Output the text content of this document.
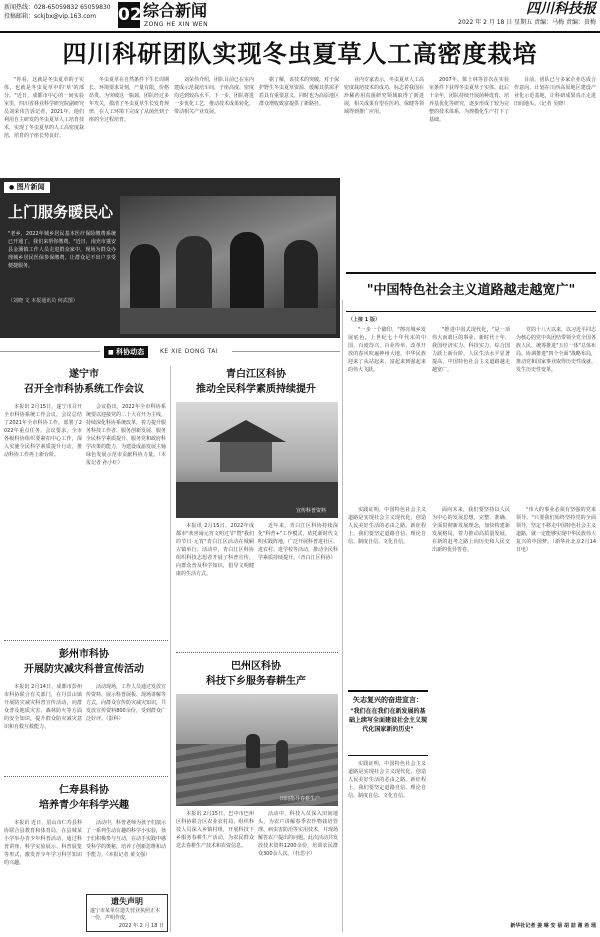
新闻热线：028-65059832 65059830
投稿邮箱：sckjbx@vip.163.com 02 综合新闻
ZONG HE XIN WEN
四川科技报
2022 年 2 月 18 日 星期五 责编：马梅 责编：贵梅
四川科研团队实现冬虫夏草人工高密度栽培

"你看，这就是冬虫夏草的子实体，也就是冬虫夏草中的'草'的部分。"近日，成都市中心的一间实验室里，四川省林业科学研究院副研究员刘荣伟告诉记者，2021年，他们利用自主研发的冬虫夏草人工培育技术，实现了冬虫夏草的人工高密度栽培，培育的子座长势良好。

冬虫夏草在自然条件下生长周期长、环境要求苛刻，产量有限，价格昂贵。为突破这一瓶颈，团队经过多年攻关，摸清了冬虫夏草生长发育规律，在人工环境下完成了从菌丝到子座的全过程培育。

刘荣伟介绍，团队目前已在室内建成示范栽培车间，子座高度、密度均达到较高水平。下一步，团队将进一步优化工艺，推动技术成果转化，带动相关产业发展。

据了解，该技术的突破，对于保护野生冬虫夏草资源、缓解其供需矛盾具有重要意义，同时也为高原地区群众增收致富提供了新路径。

业内专家表示，冬虫夏草人工高密度栽培技术的成功，标志着我国在珍稀药用真菌研究领域取得了新进展，相关成果有望在医药、保健等领域得到推广应用。

2007年，陈士林等首次在实验室条件下获得冬虫夏草子实体。此后十余年，团队持续开展菌种选育、培养基优化等研究，逐步形成了较为完整的技术体系，为规模化生产打下了基础。

目前，团队已与多家企业达成合作意向，计划在川西高原地区建设产业化示范基地，让科研成果真正走进田间地头。（记者 吴晓）

● 图片新闻
上门服务暖民心
"老乡，2022年城乡居民基本医疗保险缴费系统已开通了，我们来帮你缴费。"近日，南充市蓬安县金溪镇工作人员走进群众家中，现场为群众办理城乡居民医保参保缴费，让群众足不出户享受便捷服务。
（刘晓 文 本报通讯员 何武图）
■ 科协动态	KE XIE DONG TAI
遂宁市
召开全市科协系统工作会议

本报讯 2月15日，遂宁市召开全市科协系统工作会议。会议总结了2021年全市科协工作，部署了2022年重点任务。会议要求，全市各级科协组织要紧扣中心工作，深入实施全民科学素质提升行动，推动科协工作再上新台阶。

会议指出，2022年全市科协系统要以迎接党的二十大召开为主线，持续深化科协系统改革，着力提升服务科技工作者、服务创新发展、服务全民科学素质提升、服务党和政府科学决策的能力，为建设成渝发展主轴绿色发展示范市贡献科协力量。（本报记者 孙小红）

彭州市科协
开展防灾减灾科普宣传活动

本报讯 2月14日，成都市彭州市科协联合有关部门，在丹景山镇开展防灾减灾科普宣传活动，向群众普及地质灾害、森林防火等方面的安全知识，提升群众防灾减灾意识和自救互救能力。

活动现场，工作人员通过发放宣传资料、展示科普展板、现场讲解等方式，向群众宣传防灾减灾知识，共发放宣传资料800余份，受到群众广泛好评。（彭科）

仁寿县科协
培养青少年科学兴趣

本报讯 近日，眉山市仁寿县科协联合县教育和体育局，在县城某小学举办青少年科普活动，通过科普讲座、科学实验展示、科普展览等形式，激发青少年学习科学知识的兴趣。

活动中，科普老师为孩子们演示了一系列生动有趣的科学小实验，孩子们积极参与互动，在动手实践中感受科学的奥秘，培养了创新思维和动手能力。（本报记者 黄文强）

遗失声明
遂宁市某单位遗失营业执照正本一份，声明作废。
2022 年 2 月 18 日
青白江区科协
推动全民科学素质持续提升
宣传科普资料

本报讯 2月15日，2022年成都市"欢喜闹元宵文明过节"暨"我们的节日·元宵"青白江区活动在城厢古镇举行。活动中，青白江区科协组织科技志愿者开展了科普宣传，向群众普及科学知识，倡导文明健康的生活方式。

近年来，青白江区科协持续深化"科普+"工作模式，依托新时代文明实践阵地，广泛开展科普进社区、进农村、进学校等活动，推动全民科学素质持续提升。（青白江区科协）

巴州区科协
科技下乡服务春耕生产
田间指导春耕生产

本报讯 2月15日，巴中市巴州区科协联合区农业农村局，组织科技人员深入乡镇村组，开展科技下乡服务春耕生产活动，为农民群众送去春耕生产技术和农资信息。

活动中，科技人员深入田间地头，为农户讲解春季农作物栽培管理、病虫害防治等实用技术，并现场解答农户提出的问题。此次活动共发放技术资料1200余份，培训农民群众300余人次。（杜思宇）

"中国特色社会主义道路越走越宽广"
（上接 1 版）

"一步一个脚印，"擦亮城乡发展底色。上世纪七十年代末的中国，百废待兴，百业待举，改革开放的春风吹遍神州大地，中华民族迎来了从站起来、富起来到强起来的伟大飞跃。

"推进中国式现代化，"是一项伟大而艰巨的事业。新时代十年，我国经济实力、科技实力、综合国力跃上新台阶，人民生活水平显著提高，中国特色社会主义道路越走越宽广。

党的十八大以来，以习近平同志为核心的党中央团结带领全党全国各族人民，统筹推进"五位一体"总体布局、协调推进"四个全面"战略布局，推动党和国家事业取得历史性成就、发生历史性变革。

实践证明，中国特色社会主义道路是实现社会主义现代化、创造人民美好生活的必由之路。新征程上，我们要坚定道路自信、理论自信、制度自信、文化自信。

面向未来，我们要坚持以人民为中心的发展思想，完整、准确、全面贯彻新发展理念，加快构建新发展格局，着力推动高质量发展，在新的赶考之路上向历史和人民交出新的优异答卷。

"伟大的事业必须有坚强的党来领导。"只要我们始终坚持党的全面领导，坚定不移走中国特色社会主义道路，就一定能够实现中华民族伟大复兴的中国梦。（新华社北京2月14日电）

矢志复兴的奋进宣言：
"我们在在我们在新发展的基础上续写全面建设社会主义现代化国家新的历史"

实践证明，中国特色社会主义道路是实现社会主义现代化、创造人民美好生活的必由之路。新征程上，我们要坚定道路自信、理论自信、制度自信、文化自信。

新华社记者 姜 琳 安 蓓 胡 喆 谢 希 瑶
